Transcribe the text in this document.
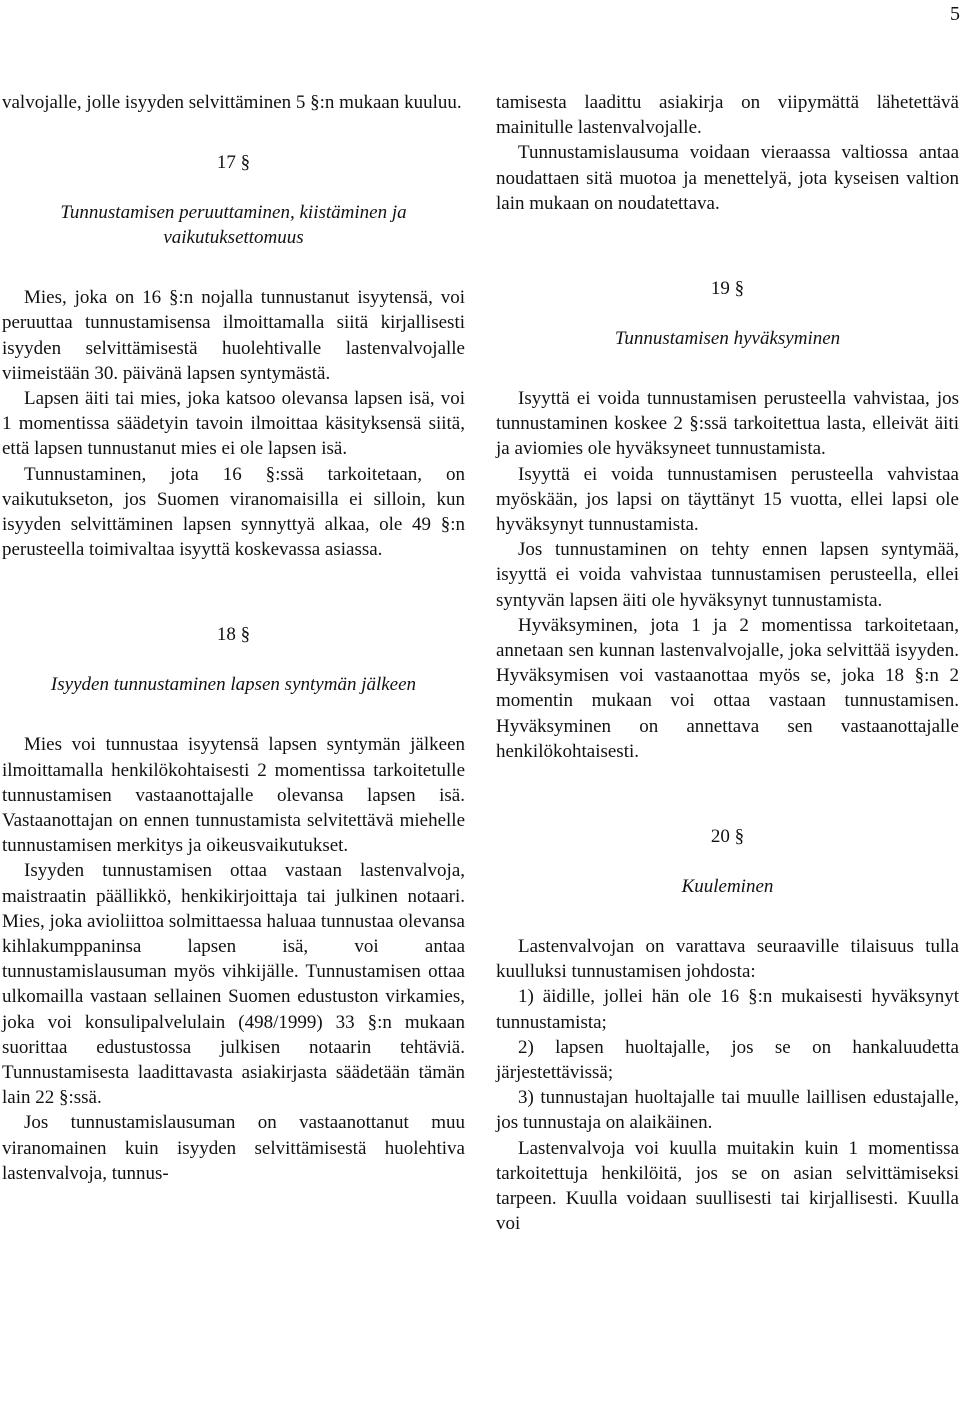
5

valvojalle, jolle isyyden selvittäminen 5 §:n mukaan kuuluu.

17 §

Tunnustamisen peruuttaminen, kiistäminen ja vaikutuksettomuus

Mies, joka on 16 §:n nojalla tunnustanut isyytensä, voi peruuttaa tunnustamisensa ilmoittamalla siitä kirjallisesti isyyden selvittämisestä huolehtivalle lastenvalvojalle viimeistään 30. päivänä lapsen syntymästä.

Lapsen äiti tai mies, joka katsoo olevansa lapsen isä, voi 1 momentissa säädetyin tavoin ilmoittaa käsityksensä siitä, että lapsen tunnustanut mies ei ole lapsen isä.

Tunnustaminen, jota 16 §:ssä tarkoitetaan, on vaikutukseton, jos Suomen viranomaisilla ei silloin, kun isyyden selvittäminen lapsen synnyttyä alkaa, ole 49 §:n perusteella toimivaltaa isyyttä koskevassa asiassa.

18 §

Isyyden tunnustaminen lapsen syntymän jälkeen

Mies voi tunnustaa isyytensä lapsen syntymän jälkeen ilmoittamalla henkilökohtaisesti 2 momentissa tarkoitetulle tunnustamisen vastaanottajalle olevansa lapsen isä. Vastaanottajan on ennen tunnustamista selvitettävä miehelle tunnustamisen merkitys ja oikeusvaikutukset.

Isyyden tunnustamisen ottaa vastaan lastenvalvoja, maistraatin päällikkö, henkikirjoittaja tai julkinen notaari. Mies, joka avioliittoa solmittaessa haluaa tunnustaa olevansa kihlakumppaninsa lapsen isä, voi antaa tunnustamislausuman myös vihkijälle. Tunnustamisen ottaa ulkomailla vastaan sellainen Suomen edustuston virkamies, joka voi konsulipalvelulain (498/1999) 33 §:n mukaan suorittaa edustustossa julkisen notaarin tehtäviä. Tunnustamisesta laadittavasta asiakirjasta säädetään tämän lain 22 §:ssä.

Jos tunnustamislausuman on vastaanottanut muu viranomainen kuin isyyden selvittämisestä huolehtiva lastenvalvoja, tunnus-

tamisesta laadittu asiakirja on viipymättä lähetettävä mainitulle lastenvalvojalle.

Tunnustamislausuma voidaan vieraassa valtiossa antaa noudattaen sitä muotoa ja menettelyä, jota kyseisen valtion lain mukaan on noudatettava.

19 §

Tunnustamisen hyväksyminen

Isyyttä ei voida tunnustamisen perusteella vahvistaa, jos tunnustaminen koskee 2 §:ssä tarkoitettua lasta, elleivät äiti ja aviomies ole hyväksyneet tunnustamista.

Isyyttä ei voida tunnustamisen perusteella vahvistaa myöskään, jos lapsi on täyttänyt 15 vuotta, ellei lapsi ole hyväksynyt tunnustamista.

Jos tunnustaminen on tehty ennen lapsen syntymää, isyyttä ei voida vahvistaa tunnustamisen perusteella, ellei syntyvän lapsen äiti ole hyväksynyt tunnustamista.

Hyväksyminen, jota 1 ja 2 momentissa tarkoitetaan, annetaan sen kunnan lastenvalvojalle, joka selvittää isyyden. Hyväksymisen voi vastaanottaa myös se, joka 18 §:n 2 momentin mukaan voi ottaa vastaan tunnustamisen. Hyväksyminen on annettava sen vastaanottajalle henkilökohtaisesti.

20 §

Kuuleminen

Lastenvalvojan on varattava seuraaville tilaisuus tulla kuulluksi tunnustamisen johdosta:

1) äidille, jollei hän ole 16 §:n mukaisesti hyväksynyt tunnustamista;

2) lapsen huoltajalle, jos se on hankaluudetta järjestettävissä;

3) tunnustajan huoltajalle tai muulle laillisen edustajalle, jos tunnustaja on alaikäinen.

Lastenvalvoja voi kuulla muitakin kuin 1 momentissa tarkoitettuja henkilöitä, jos se on asian selvittämiseksi tarpeen. Kuulla voidaan suullisesti tai kirjallisesti. Kuulla voi
